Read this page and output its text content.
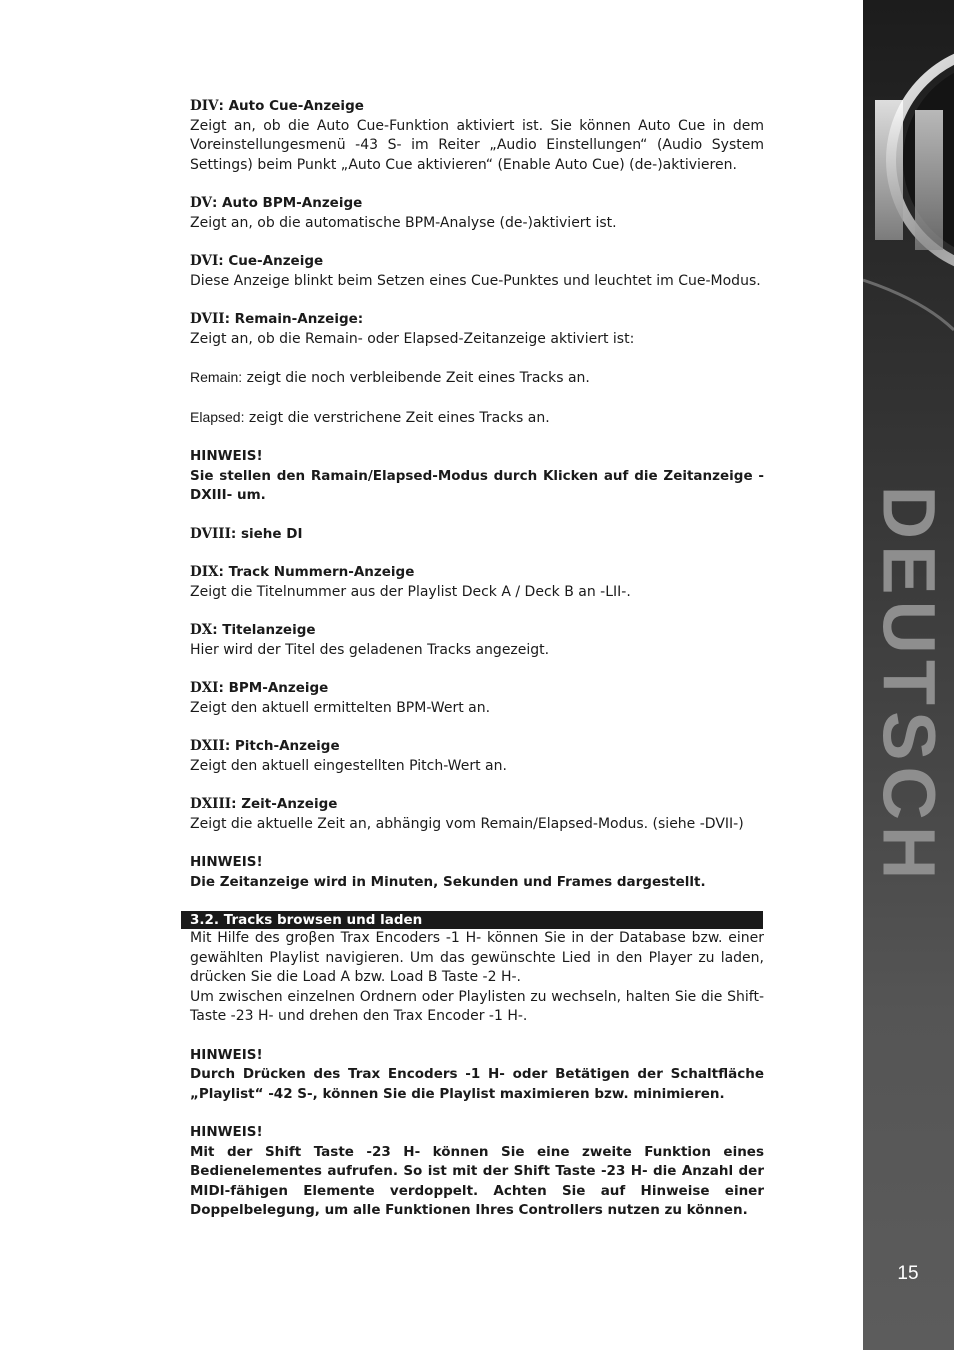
DEUTSCH
15

DIV: Auto Cue-Anzeige

Zeigt an, ob die Auto Cue-Funktion aktiviert ist. Sie können Auto Cue in dem Voreinstellungesmenü -43 S- im Reiter „Audio Einstellungen“ (Audio System Settings) beim Punkt „Auto Cue aktivieren“ (Enable Auto Cue) (de-)aktivieren.

DV: Auto BPM-Anzeige

Zeigt an, ob die automatische BPM-Analyse (de-)aktiviert ist.

DVI: Cue-Anzeige

Diese Anzeige blinkt beim Setzen eines Cue-Punktes und leuchtet im Cue-Modus.

DVII: Remain-Anzeige:

Zeigt an, ob die Remain- oder Elapsed-Zeitanzeige aktiviert ist:

Remain: zeigt die noch verbleibende Zeit eines Tracks an.

Elapsed: zeigt die verstrichene Zeit eines Tracks an.

HINWEIS!

Sie stellen den Ramain/Elapsed-Modus durch Klicken auf die Zeitanzeige -DXIII- um.

DVIII: siehe DI

DIX: Track Nummern-Anzeige

Zeigt die Titelnummer aus der Playlist Deck A / Deck B an -LII-.

DX: Titelanzeige

Hier wird der Titel des geladenen Tracks angezeigt.

DXI: BPM-Anzeige

Zeigt den aktuell ermittelten BPM-Wert an.

DXII: Pitch-Anzeige

Zeigt den aktuell eingestellten Pitch-Wert an.

DXIII: Zeit-Anzeige

Zeigt die aktuelle Zeit an, abhängig vom Remain/Elapsed-Modus. (siehe -DVII-)

HINWEIS!

Die Zeitanzeige wird in Minuten, Sekunden und Frames dargestellt.

3.2. Tracks browsen und laden

Mit Hilfe des groβen Trax Encoders -1 H- können Sie in der Database bzw. einer gewählten Playlist navigieren. Um das gewünschte Lied in den Player zu laden, drücken Sie die Load A bzw. Load B Taste -2 H-.

Um zwischen einzelnen Ordnern oder Playlisten zu wechseln, halten Sie die Shift-Taste -23 H- und drehen den Trax Encoder -1 H-.

HINWEIS!

Durch Drücken des Trax Encoders -1 H- oder Betätigen der Schaltfläche „Playlist“ -42 S-, können Sie die Playlist maximieren bzw. minimieren.

HINWEIS!

Mit der Shift Taste -23 H- können Sie eine zweite Funktion eines Bedienelementes aufrufen. So ist mit der Shift Taste -23 H- die Anzahl der MIDI-fähigen Elemente verdoppelt. Achten Sie auf Hinweise einer Doppelbelegung, um alle Funktionen Ihres Controllers nutzen zu können.
